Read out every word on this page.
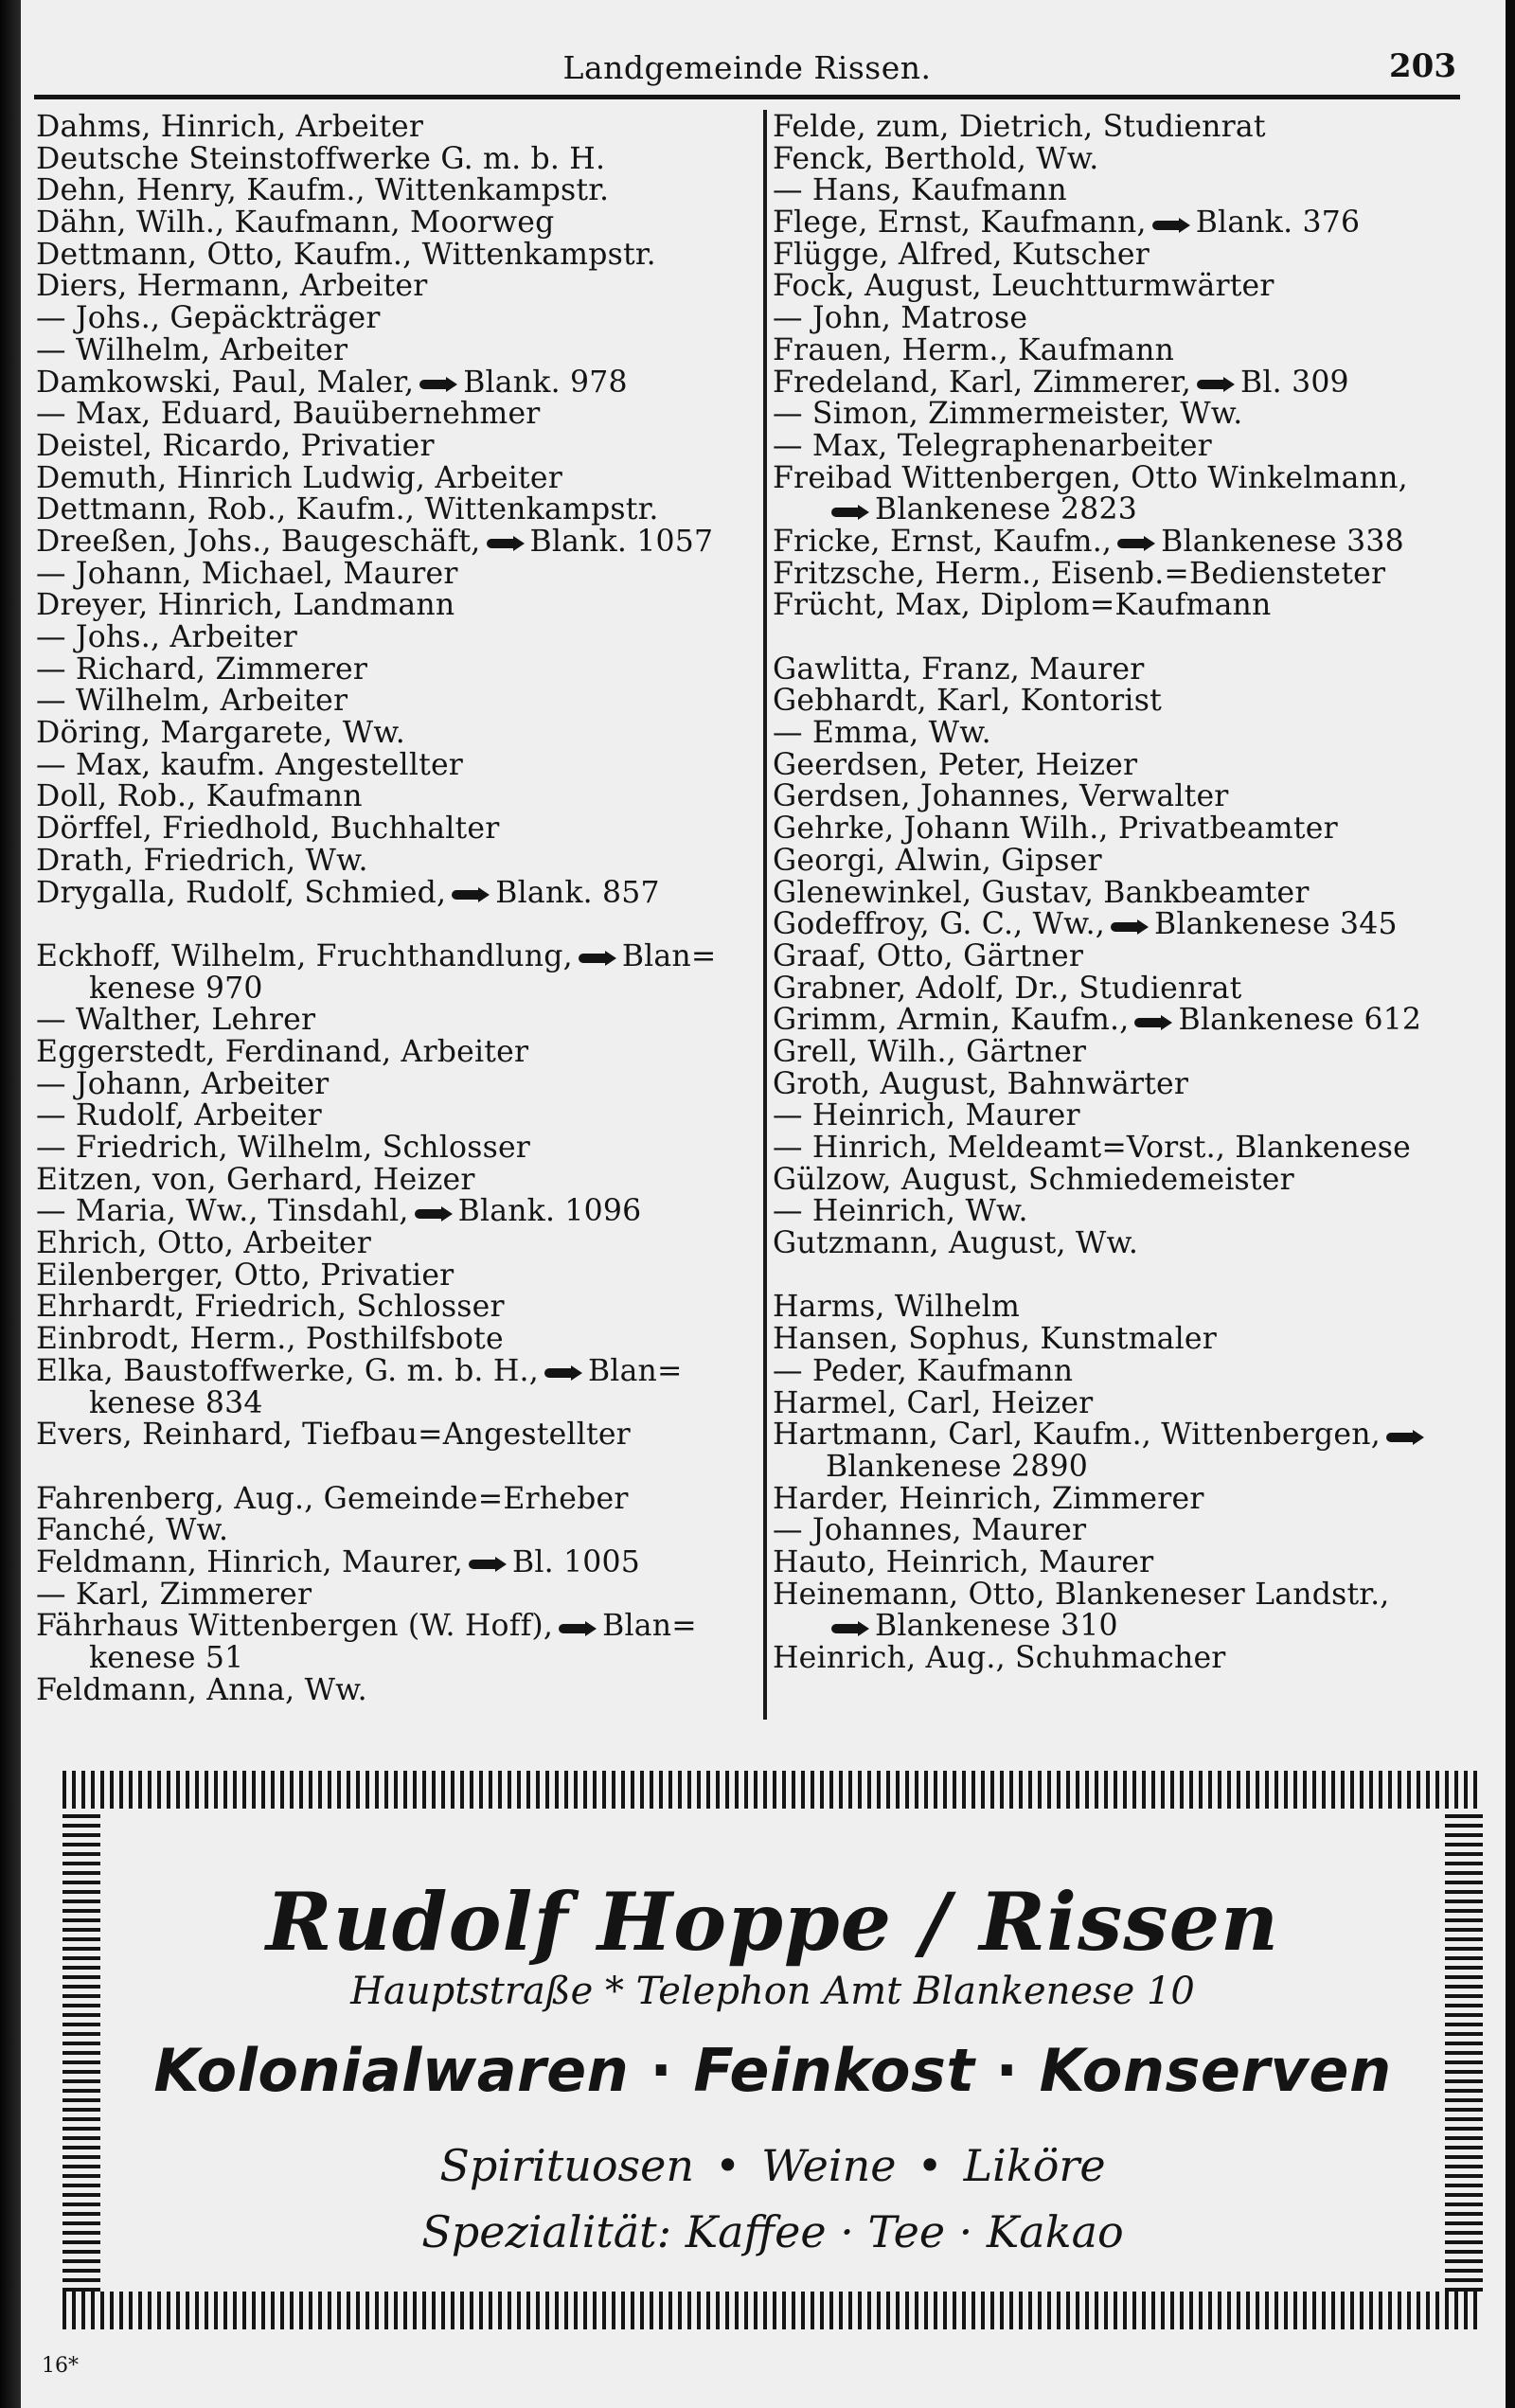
Landgemeinde Rissen.	203
Dahms, Hinrich, Arbeiter
Deutsche Steinstoffwerke G. m. b. H.
Dehn, Henry, Kaufm., Wittenkampstr.
Dähn, Wilh., Kaufmann, Moorweg
Dettmann, Otto, Kaufm., Wittenkampstr.
Diers, Hermann, Arbeiter
— Johs., Gepäckträger
— Wilhelm, Arbeiter
Damkowski, Paul, Maler, Blank. 978
— Max, Eduard, Bauübernehmer
Deistel, Ricardo, Privatier
Demuth, Hinrich Ludwig, Arbeiter
Dettmann, Rob., Kaufm., Wittenkampstr.
Dreeßen, Johs., Baugeschäft, Blank. 1057
— Johann, Michael, Maurer
Dreyer, Hinrich, Landmann
— Johs., Arbeiter
— Richard, Zimmerer
— Wilhelm, Arbeiter
Döring, Margarete, Ww.
— Max, kaufm. Angestellter
Doll, Rob., Kaufmann
Dörffel, Friedhold, Buchhalter
Drath, Friedrich, Ww.
Drygalla, Rudolf, Schmied, Blank. 857
Eckhoff, Wilhelm, Fruchthandlung, Blan=
kenese 970
— Walther, Lehrer
Eggerstedt, Ferdinand, Arbeiter
— Johann, Arbeiter
— Rudolf, Arbeiter
— Friedrich, Wilhelm, Schlosser
Eitzen, von, Gerhard, Heizer
— Maria, Ww., Tinsdahl, Blank. 1096
Ehrich, Otto, Arbeiter
Eilenberger, Otto, Privatier
Ehrhardt, Friedrich, Schlosser
Einbrodt, Herm., Posthilfsbote
Elka, Baustoffwerke, G. m. b. H., Blan=
kenese 834
Evers, Reinhard, Tiefbau=Angestellter
Fahrenberg, Aug., Gemeinde=Erheber
Fanché, Ww.
Feldmann, Hinrich, Maurer, Bl. 1005
— Karl, Zimmerer
Fährhaus Wittenbergen (W. Hoff), Blan=
kenese 51
Feldmann, Anna, Ww.
Felde, zum, Dietrich, Studienrat
Fenck, Berthold, Ww.
— Hans, Kaufmann
Flege, Ernst, Kaufmann, Blank. 376
Flügge, Alfred, Kutscher
Fock, August, Leuchtturmwärter
— John, Matrose
Frauen, Herm., Kaufmann
Fredeland, Karl, Zimmerer, Bl. 309
— Simon, Zimmermeister, Ww.
— Max, Telegraphenarbeiter
Freibad Wittenbergen, Otto Winkelmann,
Blankenese 2823
Fricke, Ernst, Kaufm., Blankenese 338
Fritzsche, Herm., Eisenb.=Bediensteter
Frücht, Max, Diplom=Kaufmann
Gawlitta, Franz, Maurer
Gebhardt, Karl, Kontorist
— Emma, Ww.
Geerdsen, Peter, Heizer
Gerdsen, Johannes, Verwalter
Gehrke, Johann Wilh., Privatbeamter
Georgi, Alwin, Gipser
Glenewinkel, Gustav, Bankbeamter
Godeffroy, G. C., Ww., Blankenese 345
Graaf, Otto, Gärtner
Grabner, Adolf, Dr., Studienrat
Grimm, Armin, Kaufm., Blankenese 612
Grell, Wilh., Gärtner
Groth, August, Bahnwärter
— Heinrich, Maurer
— Hinrich, Meldeamt=Vorst., Blankenese
Gülzow, August, Schmiedemeister
— Heinrich, Ww.
Gutzmann, August, Ww.
Harms, Wilhelm
Hansen, Sophus, Kunstmaler
— Peder, Kaufmann
Harmel, Carl, Heizer
Hartmann, Carl, Kaufm., Wittenbergen,
Blankenese 2890
Harder, Heinrich, Zimmerer
— Johannes, Maurer
Hauto, Heinrich, Maurer
Heinemann, Otto, Blankeneser Landstr.,
Blankenese 310
Heinrich, Aug., Schuhmacher
Rudolf Hoppe / Rissen
Hauptstraße * Telephon Amt Blankenese 10
Kolonialwaren · Feinkost · Konserven
Spirituosen • Weine • Liköre
Spezialität: Kaffee · Tee · Kakao
16*
